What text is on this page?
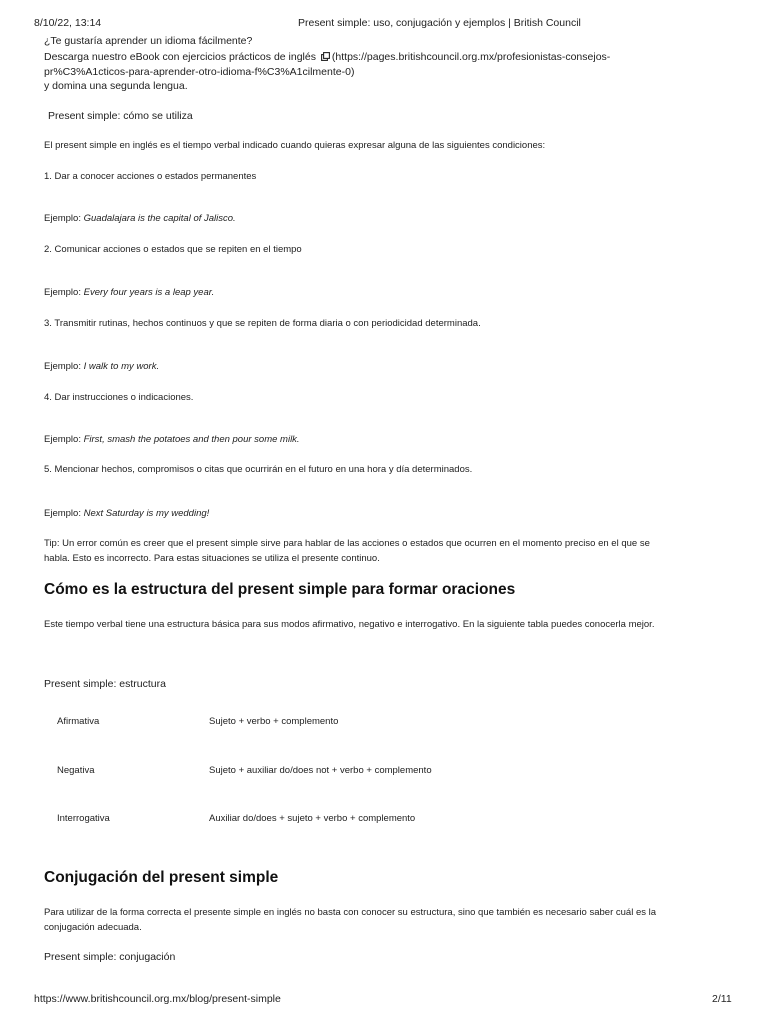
8/10/22, 13:14	Present simple: uso, conjugación y ejemplos | British Council
¿Te gustaría aprender un idioma fácilmente?
Descarga nuestro eBook con ejercicios prácticos de inglés (https://pages.britishcouncil.org.mx/profesionistas-consejos-
pr%C3%A1cticos-para-aprender-otro-idioma-f%C3%A1cilmente-0)
y domina una segunda lengua.
Present simple: cómo se utiliza
El present simple en inglés es el tiempo verbal indicado cuando quieras expresar alguna de las siguientes condiciones:
1. Dar a conocer acciones o estados permanentes
Ejemplo: Guadalajara is the capital of Jalisco.
2. Comunicar acciones o estados que se repiten en el tiempo
Ejemplo: Every four years is a leap year.
3. Transmitir rutinas, hechos continuos y que se repiten de forma diaria o con periodicidad determinada.
Ejemplo: I walk to my work.
4. Dar instrucciones o indicaciones.
Ejemplo: First, smash the potatoes and then pour some milk.
5. Mencionar hechos, compromisos o citas que ocurrirán en el futuro en una hora y día determinados.
Ejemplo: Next Saturday is my wedding!
Tip: Un error común es creer que el present simple sirve para hablar de las acciones o estados que ocurren en el momento preciso en el que se
habla. Esto es incorrecto. Para estas situaciones se utiliza el presente continuo.
Cómo es la estructura del present simple para formar oraciones
Este tiempo verbal tiene una estructura básica para sus modos afirmativo, negativo e interrogativo. En la siguiente tabla puedes conocerla mejor.
Present simple: estructura
Afirmativa	Sujeto + verbo + complemento
Negativa	Sujeto + auxiliar do/does not + verbo + complemento
Interrogativa	Auxiliar do/does + sujeto + verbo + complemento
Conjugación del present simple
Para utilizar de la forma correcta el presente simple en inglés no basta con conocer su estructura, sino que también es necesario saber cuál es la
conjugación adecuada.
Present simple: conjugación
https://www.britishcouncil.org.mx/blog/present-simple	2/11
